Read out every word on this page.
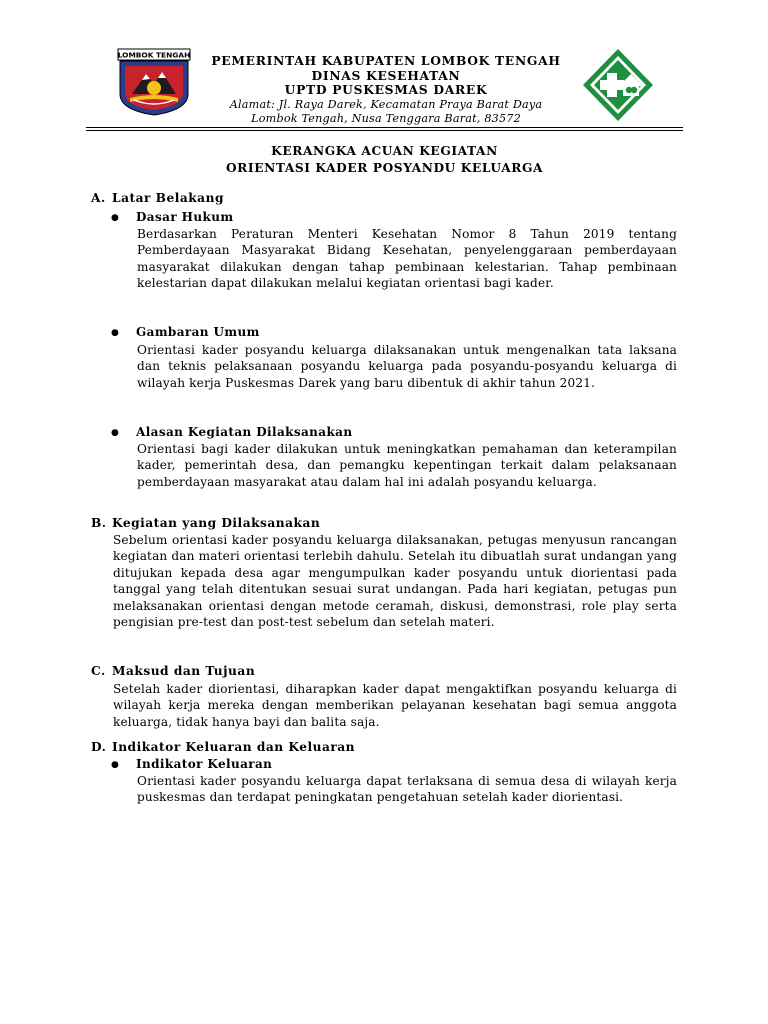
LOMBOK TENGAH	PEMERINTAH KABUPATEN LOMBOK TENGAH
DINAS KESEHATAN
UPTD PUSKESMAS DAREK
Alamat: Jl. Raya Darek, Kecamatan Praya Barat Daya
Lombok Tengah, Nusa Tenggara Barat, 83572
KERANGKA ACUAN KEGIATAN
ORIENTASI KADER POSYANDU KELUARGA
A. Latar Belakang
● Dasar Hukum
Berdasarkan Peraturan Menteri Kesehatan Nomor 8 Tahun 2019 tentang Pemberdayaan Masyarakat Bidang Kesehatan, penyelenggaraan pemberdayaan masyarakat dilakukan dengan tahap pembinaan kelestarian. Tahap pembinaan kelestarian dapat dilakukan melalui kegiatan orientasi bagi kader.
● Gambaran Umum
Orientasi kader posyandu keluarga dilaksanakan untuk mengenalkan tata laksana dan teknis pelaksanaan posyandu keluarga pada posyandu-posyandu keluarga di wilayah kerja Puskesmas Darek yang baru dibentuk di akhir tahun 2021.
● Alasan Kegiatan Dilaksanakan
Orientasi bagi kader dilakukan untuk meningkatkan pemahaman dan keterampilan kader, pemerintah desa, dan pemangku kepentingan terkait dalam pelaksanaan pemberdayaan masyarakat atau dalam hal ini adalah posyandu keluarga.
B. Kegiatan yang Dilaksanakan
Sebelum orientasi kader posyandu keluarga dilaksanakan, petugas menyusun rancangan kegiatan dan materi orientasi terlebih dahulu. Setelah itu dibuatlah surat undangan yang ditujukan kepada desa agar mengumpulkan kader posyandu untuk diorientasi pada tanggal yang telah ditentukan sesuai surat undangan. Pada hari kegiatan, petugas pun melaksanakan orientasi dengan metode ceramah, diskusi, demonstrasi, role play serta pengisian pre-test dan post-test sebelum dan setelah materi.
C. Maksud dan Tujuan
Setelah kader diorientasi, diharapkan kader dapat mengaktifkan posyandu keluarga di wilayah kerja mereka dengan memberikan pelayanan kesehatan bagi semua anggota keluarga, tidak hanya bayi dan balita saja.
D. Indikator Keluaran dan Keluaran
● Indikator Keluaran
Orientasi kader posyandu keluarga dapat terlaksana di semua desa di wilayah kerja puskesmas dan terdapat peningkatan pengetahuan setelah kader diorientasi.
